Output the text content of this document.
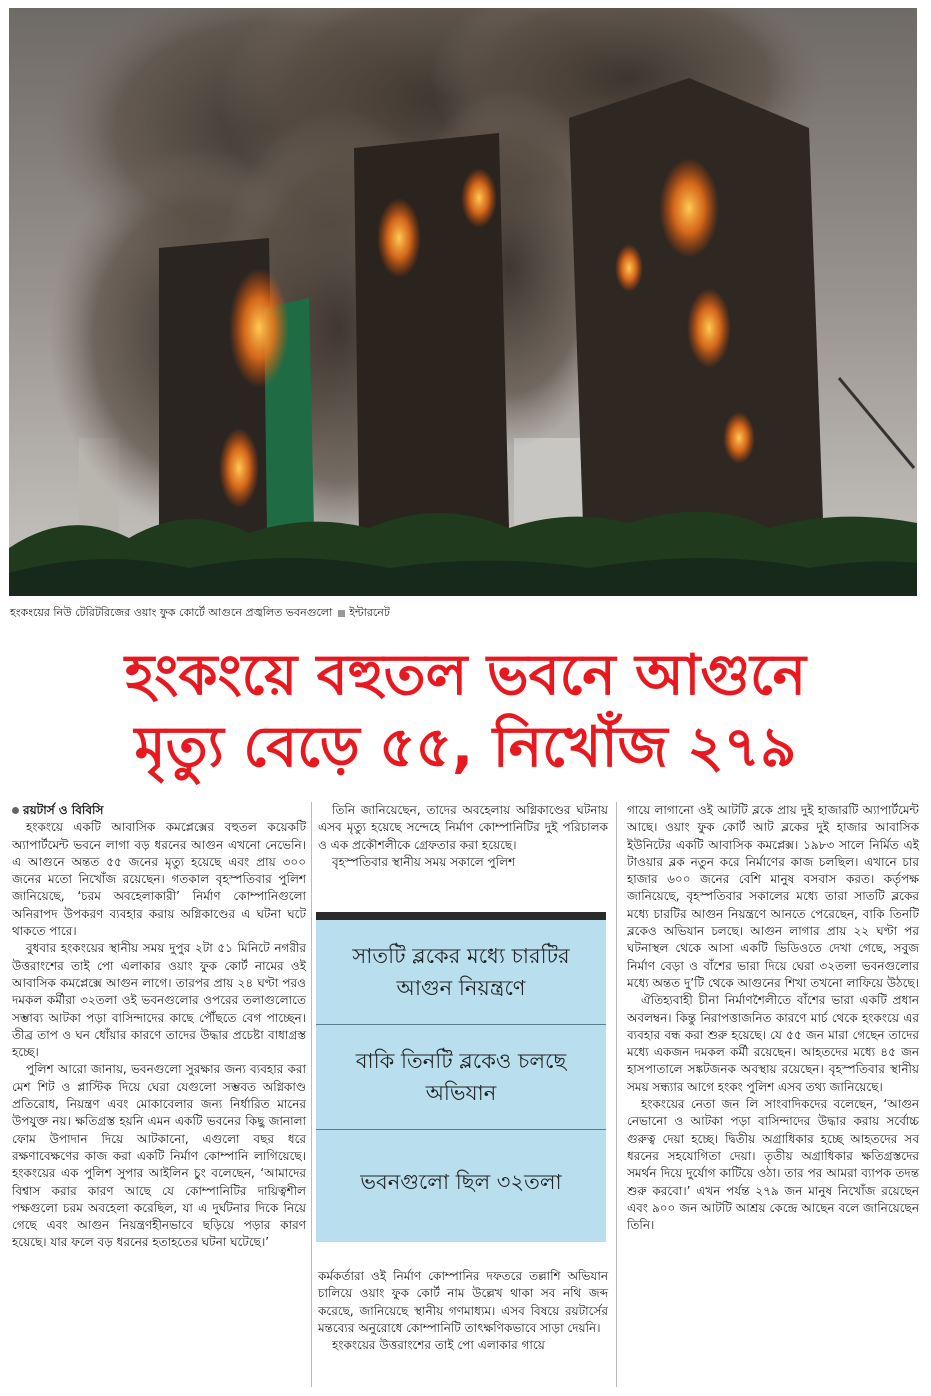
হংকংয়ের নিউ টেরিটরিজের ওয়াং ফুক কোর্টে আগুনে প্রজ্বলিত ভবনগুলো ইন্টারনেট
হংকংয়ে বহুতল ভবনে আগুনে
মৃত্যু বেড়ে ৫৫, নিখোঁজ ২৭৯

রয়টার্স ও বিবিসি

হংকংয়ে একটি আবাসিক কমপ্লেক্সের বহুতল কয়েকটি অ্যাপার্টমেন্ট ভবনে লাগা বড় ধরনের আগুন এখনো নেভেনি। এ আগুনে অন্তত ৫৫ জনের মৃত্যু হয়েছে এবং প্রায় ৩০০ জনের মতো নিখোঁজ রয়েছেন। গতকাল বৃহস্পতিবার পুলিশ জানিয়েছে, ‘চরম অবহেলাকারী’ নির্মাণ কোম্পানিগুলো অনিরাপদ উপকরণ ব্যবহার করায় অগ্নিকাণ্ডের এ ঘটনা ঘটে থাকতে পারে।

বুধবার হংকংয়ের স্থানীয় সময় দুপুর ২টা ৫১ মিনিটে নগরীর উত্তরাংশের তাই পো এলাকার ওয়াং ফুক কোর্ট নামের ওই আবাসিক কমপ্লেক্সে আগুন লাগে। তারপর প্রায় ২৪ ঘণ্টা পরও দমকল কর্মীরা ৩২তলা ওই ভবনগুলোর ওপরের তলাগুলোতে সম্ভাব্য আটকা পড়া বাসিন্দাদের কাছে পৌঁছতে বেগ পাচ্ছেন। তীব্র তাপ ও ঘন ধোঁয়ার কারণে তাদের উদ্ধার প্রচেষ্টা বাধাগ্রস্ত হচ্ছে।

পুলিশ আরো জানায়, ভবনগুলো সুরক্ষার জন্য ব্যবহার করা মেশ শিট ও প্লাস্টিক দিয়ে ঘেরা যেগুলো সম্ভবত অগ্নিকাণ্ড প্রতিরোধ, নিয়ন্ত্রণ এবং মোকাবেলার জন্য নির্ধারিত মানের উপযুক্ত নয়। ক্ষতিগ্রস্ত হয়নি এমন একটি ভবনের কিছু জানালা ফোম উপাদান দিয়ে আটকানো, এগুলো বছর ধরে রক্ষণাবেক্ষণের কাজ করা একটি নির্মাণ কোম্পানি লাগিয়েছে। হংকংয়ের এক পুলিশ সুপার আইলিন চুং বলেছেন, ‘আমাদের বিশ্বাস করার কারণ আছে যে কোম্পানিটির দায়িত্বশীল পক্ষগুলো চরম অবহেলা করেছিল, যা এ দুর্ঘটনার দিকে নিয়ে গেছে এবং আগুন নিয়ন্ত্রণহীনভাবে ছড়িয়ে পড়ার কারণ হয়েছে। যার ফলে বড় ধরনের হতাহতের ঘটনা ঘটেছে।’

তিনি জানিয়েছেন, তাদের অবহেলায় অগ্নিকাণ্ডের ঘটনায় এসব মৃত্যু হয়েছে সন্দেহে নির্মাণ কোম্পানিটির দুই পরিচালক ও এক প্রকৌশলীকে গ্রেফতার করা হয়েছে।

বৃহস্পতিবার স্থানীয় সময় সকালে পুলিশ

সাতটি ব্লকের মধ্যে চারটির আগুন নিয়ন্ত্রণে
বাকি তিনটি ব্লকেও চলছে অভিযান
ভবনগুলো ছিল ৩২তলা

কর্মকর্তারা ওই নির্মাণ কোম্পানির দফতরে তল্লাশি অভিযান চালিয়ে ওয়াং ফুক কোর্ট নাম উল্লেখ থাকা সব নথি জব্দ করেছে, জানিয়েছে স্থানীয় গণমাধ্যম। এসব বিষয়ে রয়টার্সের মন্তব্যের অনুরোধে কোম্পানিটি তাৎক্ষণিকভাবে সাড়া দেয়নি।

হংকংয়ের উত্তরাংশের তাই পো এলাকার গায়ে

গায়ে লাগানো ওই আটটি ব্লকে প্রায় দুই হাজারটি অ্যাপার্টমেন্ট আছে। ওয়াং ফুক কোর্ট আট ব্লকের দুই হাজার আবাসিক ইউনিটের একটি আবাসিক কমপ্লেক্স। ১৯৮৩ সালে নির্মিত এই টাওয়ার ব্লক নতুন করে নির্মাণের কাজ চলছিল। এখানে চার হাজার ৬০০ জনের বেশি মানুষ বসবাস করত। কর্তৃপক্ষ জানিয়েছে, বৃহস্পতিবার সকালের মধ্যে তারা সাতটি ব্লকের মধ্যে চারটির আগুন নিয়ন্ত্রণে আনতে পেরেছেন, বাকি তিনটি ব্লকেও অভিযান চলছে। আগুন লাগার প্রায় ২২ ঘণ্টা পর ঘটনাস্থল থেকে আসা একটি ভিডিওতে দেখা গেছে, সবুজ নির্মাণ বেড়া ও বাঁশের ভারা দিয়ে ঘেরা ৩২তলা ভবনগুলোর মধ্যে অন্তত দু’টি থেকে আগুনের শিখা তখনো লাফিয়ে উঠছে।

ঐতিহ্যবাহী চীনা নির্মাণশৈলীতে বাঁশের ভারা একটি প্রধান অবলম্বন। কিন্তু নিরাপত্তাজনিত কারণে মার্চ থেকে হংকংয়ে এর ব্যবহার বন্ধ করা শুরু হয়েছে। যে ৫৫ জন মারা গেছেন তাদের মধ্যে একজন দমকল কর্মী রয়েছেন। আহতদের মধ্যে ৪৫ জন হাসপাতালে সঙ্কটজনক অবস্থায় রয়েছেন। বৃহস্পতিবার স্থানীয় সময় সন্ধ্যার আগে হংকং পুলিশ এসব তথ্য জানিয়েছে।

হংকংয়ের নেতা জন লি সাংবাদিকদের বলেছেন, ‘আগুন নেভানো ও আটকা পড়া বাসিন্দাদের উদ্ধার করায় সর্বোচ্চ গুরুত্ব দেয়া হচ্ছে। দ্বিতীয় অগ্রাধিকার হচ্ছে আহতদের সব ধরনের সহযোগিতা দেয়া। তৃতীয় অগ্রাধিকার ক্ষতিগ্রস্তদের সমর্থন দিয়ে দুর্যোগ কাটিয়ে ওঠা। তার পর আমরা ব্যাপক তদন্ত শুরু করবো।’ এখন পর্যন্ত ২৭৯ জন মানুষ নিখোঁজ রয়েছেন এবং ৯০০ জন আটটি আশ্রয় কেন্দ্রে আছেন বলে জানিয়েছেন তিনি।
